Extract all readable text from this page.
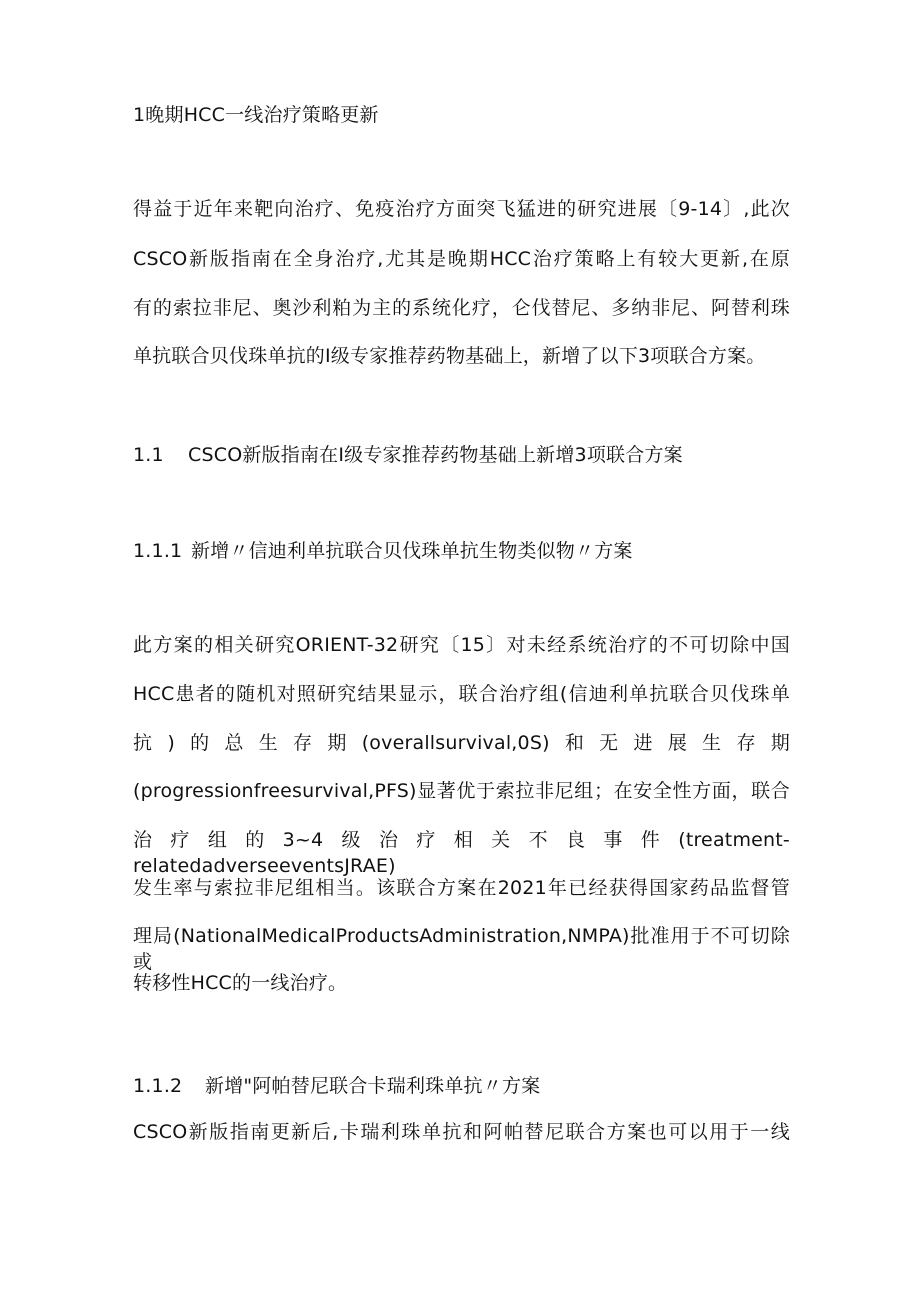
1晚期HCC一线治疗策略更新
得益于近年来靶向治疗、免疫治疗方面突飞猛进的研究进展〔9-14〕,此次
CSCO新版指南在全身治疗,尤其是晚期HCC治疗策略上有较大更新,在原
有的索拉非尼、奥沙利粕为主的系统化疗，仑伐替尼、多纳非尼、阿替利珠
单抗联合贝伐珠单抗的I级专家推荐药物基础上，新增了以下3项联合方案。
1.1 CSCO新版指南在I级专家推荐药物基础上新增3项联合方案
1.1.1 新增〃信迪利单抗联合贝伐珠单抗生物类似物〃方案
此方案的相关研究ORIENT-32研究〔15〕对未经系统治疗的不可切除中国
HCC患者的随机对照研究结果显示，联合治疗组(信迪利单抗联合贝伐珠单
抗)的总生存期(overallsurvival,0S)和无进展生存期
(progressionfreesurvival,PFS)显著优于索拉非尼组；在安全性方面，联合
治疗组的3~4级治疗相关不良事件(treatment-relatedadverseeventsJRAE)
发生率与索拉非尼组相当。该联合方案在2021年已经获得国家药品监督管
理局(NationalMedicalProductsAdministration,NMPA)批准用于不可切除或
转移性HCC的一线治疗。
1.1.2 新增"阿帕替尼联合卡瑞利珠单抗〃方案
CSCO新版指南更新后,卡瑞利珠单抗和阿帕替尼联合方案也可以用于一线
